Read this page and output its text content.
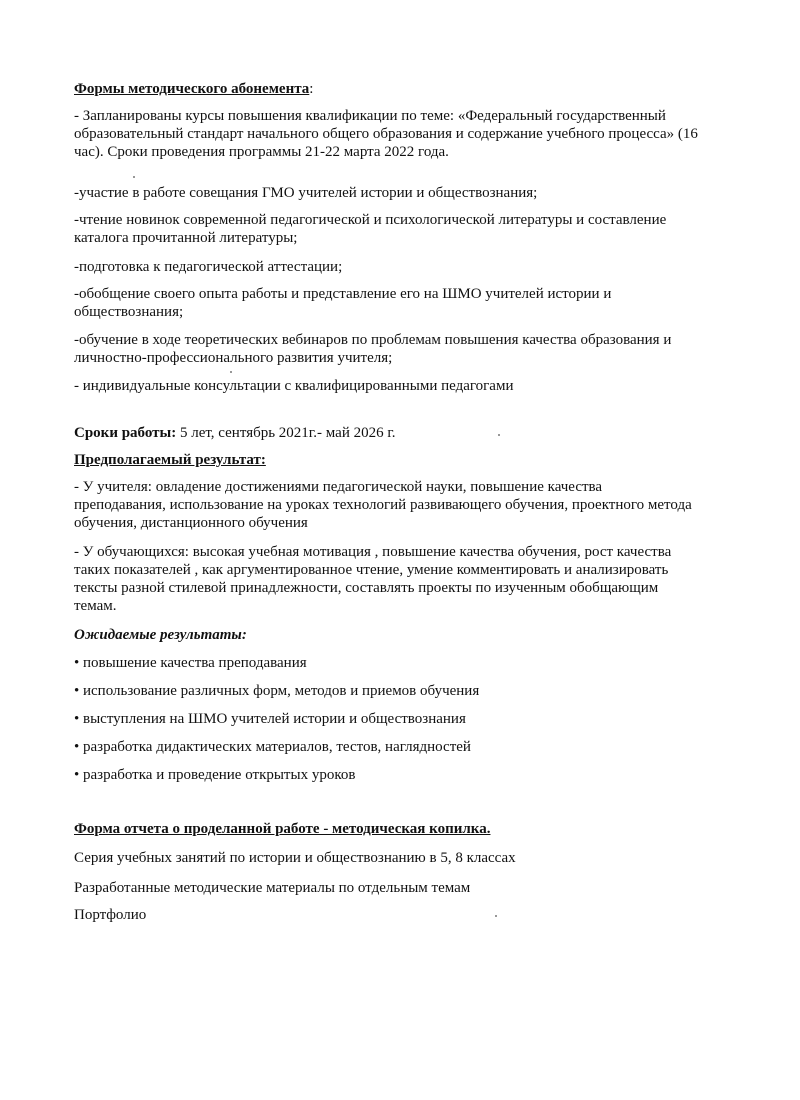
Формы методического абонемента:
- Запланированы курсы повышения квалификации по теме: «Федеральный государственный образовательный стандарт начального общего образования и содержание учебного процесса» (16 час). Сроки проведения программы 21-22 марта 2022 года.
-участие в работе совещания ГМО учителей истории и обществознания;
-чтение новинок современной педагогической и психологической литературы и составление каталога прочитанной литературы;
-подготовка к педагогической аттестации;
-обобщение своего опыта работы и представление его на ШМО учителей истории и обществознания;
-обучение в ходе теоретических вебинаров по проблемам повышения качества образования и личностно-профессионального развития учителя;
- индивидуальные консультации с квалифицированными педагогами
Сроки работы: 5 лет, сентябрь 2021г.- май 2026 г.
Предполагаемый результат:
- У учителя: овладение достижениями педагогической науки, повышение качества преподавания, использование на уроках технологий развивающего обучения, проектного метода обучения, дистанционного обучения
- У обучающихся: высокая учебная мотивация , повышение качества обучения, рост качества таких показателей , как аргументированное чтение, умение комментировать и анализировать тексты разной стилевой принадлежности, составлять проекты по изученным обобщающим темам.
Ожидаемые результаты:
• повышение качества преподавания
• использование различных форм, методов и приемов обучения
• выступления на ШМО учителей истории и обществознания
• разработка дидактических материалов, тестов, наглядностей
• разработка и проведение открытых уроков
Форма отчета о проделанной работе - методическая копилка.
Серия учебных занятий по истории и обществознанию в 5, 8 классах
Разработанные методические материалы по отдельным темам
Портфолио
